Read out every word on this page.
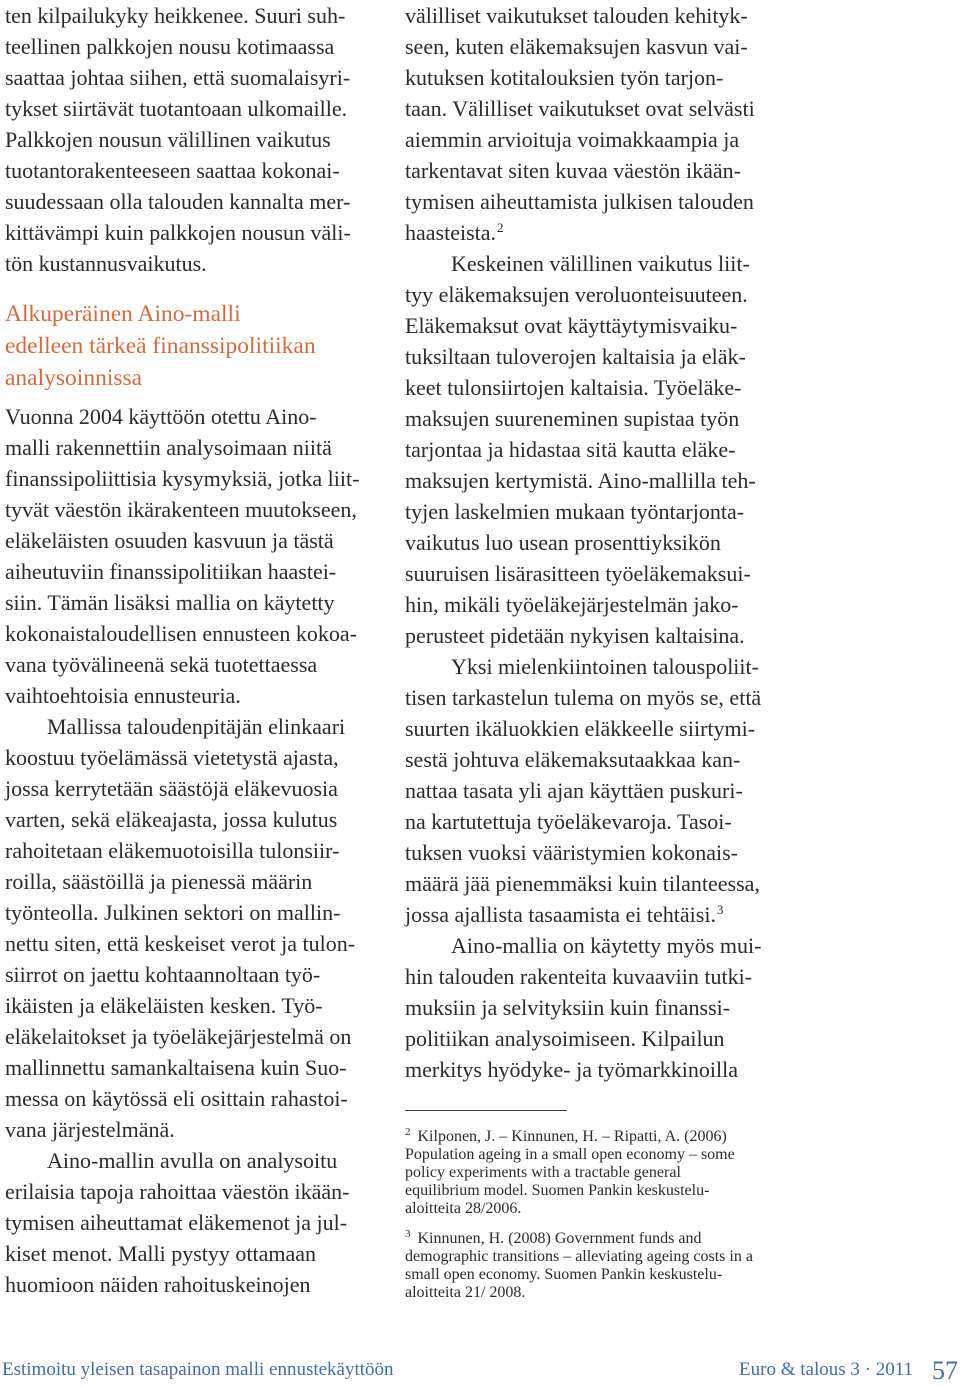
ten kilpailukyky heikkenee. Suuri suh-
teellinen palkkojen nousu kotimaassa
saattaa johtaa siihen, että suomalaisyri-
tykset siirtävät tuotantoaan ulkomaille.
Palkkojen nousun välillinen vaikutus
tuotantorakenteeseen saattaa kokonai-
suudessaan olla talouden kannalta mer-
kittävämpi kuin palkkojen nousun väli-
tön kustannusvaikutus.

Alkuperäinen Aino-malli
edelleen tärkeä finanssipolitiikan
analysoinnissa

Vuonna 2004 käyttöön otettu Aino-
malli rakennettiin analysoimaan niitä
finanssipoliittisia kysymyksiä, jotka liit-
tyvät väestön ikärakenteen muutokseen,
eläkeläisten osuuden kasvuun ja tästä
aiheutuviin finanssipolitiikan haastei-
siin. Tämän lisäksi mallia on käytetty
kokonaistaloudellisen ennusteen kokoa-
vana työvälineenä sekä tuotettaessa
vaihtoehtoisia ennusteuria.

Mallissa taloudenpitäjän elinkaari
koostuu työelämässä vietetystä ajasta,
jossa kerrytetään säästöjä eläkevuosia
varten, sekä eläkeajasta, jossa kulutus
rahoitetaan eläkemuotoisilla tulonsiir-
roilla, säästöillä ja pienessä määrin
työnteolla. Julkinen sektori on mallin-
nettu siten, että keskeiset verot ja tulon-
siirrot on jaettu kohtaannoltaan työ-
ikäisten ja eläkeläisten kesken. Työ-
eläkelaitokset ja työeläkejärjestelmä on
mallinnettu samankaltaisena kuin Suo-
messa on käytössä eli osittain rahastoi-
vana järjestelmänä.

Aino-mallin avulla on analysoitu
erilaisia tapoja rahoittaa väestön ikään-
tymisen aiheuttamat eläkemenot ja jul-
kiset menot. Malli pystyy ottamaan
huomioon näiden rahoituskeinojen

välilliset vaikutukset talouden kehityk-
seen, kuten eläkemaksujen kasvun vai-
kutuksen kotitalouksien työn tarjon-
taan. Välilliset vaikutukset ovat selvästi
aiemmin arvioituja voimakkaampia ja
tarkentavat siten kuvaa väestön ikään-
tymisen aiheuttamista julkisen talouden
haasteista.$^2$

Keskeinen välillinen vaikutus liit-
tyy eläkemaksujen veroluonteisuuteen.
Eläkemaksut ovat käyttäytymisvaiku-
tuksiltaan tuloverojen kaltaisia ja eläk-
keet tulonsiirtojen kaltaisia. Työeläke-
maksujen suureneminen supistaa työn
tarjontaa ja hidastaa sitä kautta eläke-
maksujen kertymistä. Aino-mallilla teh-
tyjen laskelmien mukaan työntarjonta-
vaikutus luo usean prosenttiyksikön
suuruisen lisärasitteen työeläkemaksui-
hin, mikäli työeläkejärjestelmän jako-
perusteet pidetään nykyisen kaltaisina.

Yksi mielenkiintoinen talouspoliit-
tisen tarkastelun tulema on myös se, että
suurten ikäluokkien eläkkeelle siirtymi-
sestä johtuva eläkemaksutaakkaa kan-
nattaa tasata yli ajan käyttäen puskuri-
na kartutettuja työeläkevaroja. Tasoi-
tuksen vuoksi vääristymien kokonais-
määrä jää pienemmäksi kuin tilanteessa,
jossa ajallista tasaamista ei tehtäisi.$^3$

Aino-mallia on käytetty myös mui-
hin talouden rakenteita kuvaaviin tutki-
muksiin ja selvityksiin kuin finanssi-
politiikan analysoimiseen. Kilpailun
merkitys hyödyke- ja työmarkkinoilla

$^2$ Kilponen, J. – Kinnunen, H. – Ripatti, A. (2006)
Population ageing in a small open economy – some
policy experiments with a tractable general
equilibrium model. Suomen Pankin keskustelu-
aloitteita 28/2006.

$^3$ Kinnunen, H. (2008) Government funds and
demographic transitions – alleviating ageing costs in a
small open economy. Suomen Pankin keskustelu-
aloitteita 21/ 2008.

Estimoitu yleisen tasapainon malli ennustekäyttöön	Euro & talous 3 · 2011 57
